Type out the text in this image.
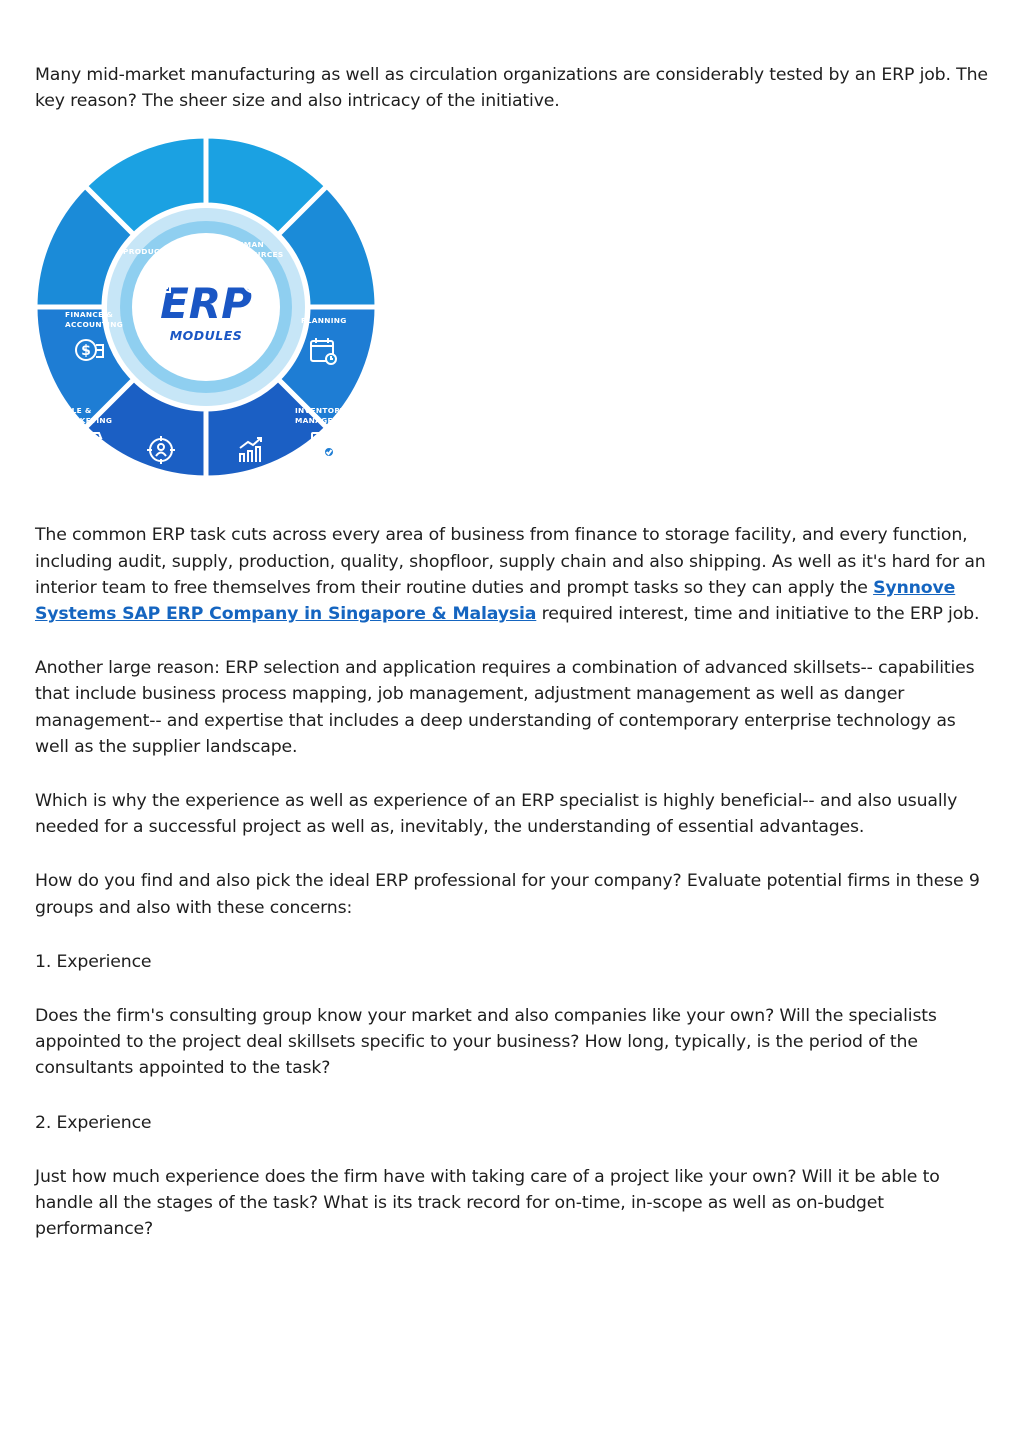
Many mid-market manufacturing as well as circulation organizations are considerably tested by an ERP job. The key reason? The sheer size and also intricacy of the initiative.

ERP
MODULES
PRODUCTION
HUMAN
RESOURCES
PLANNING
INVENTORY
MANAGEMENT
REPORTING
CRM
SALE &
MARKETING
FINANCE &
ACCOUNTING
$

The common ERP task cuts across every area of business from finance to storage facility, and every function, including audit, supply, production, quality, shopfloor, supply chain and also shipping. As well as it's hard for an interior team to free themselves from their routine duties and prompt tasks so they can apply the Synnove Systems SAP ERP Company in Singapore & Malaysia required interest, time and initiative to the ERP job.

Another large reason: ERP selection and application requires a combination of advanced skillsets-- capabilities that include business process mapping, job management, adjustment management as well as danger management-- and expertise that includes a deep understanding of contemporary enterprise technology as well as the supplier landscape.

Which is why the experience as well as experience of an ERP specialist is highly beneficial-- and also usually needed for a successful project as well as, inevitably, the understanding of essential advantages.

How do you find and also pick the ideal ERP professional for your company? Evaluate potential firms in these 9 groups and also with these concerns:

1. Experience

Does the firm's consulting group know your market and also companies like your own? Will the specialists appointed to the project deal skillsets specific to your business? How long, typically, is the period of the consultants appointed to the task?

2. Experience

Just how much experience does the firm have with taking care of a project like your own? Will it be able to handle all the stages of the task? What is its track record for on-time, in-scope as well as on-budget performance?
